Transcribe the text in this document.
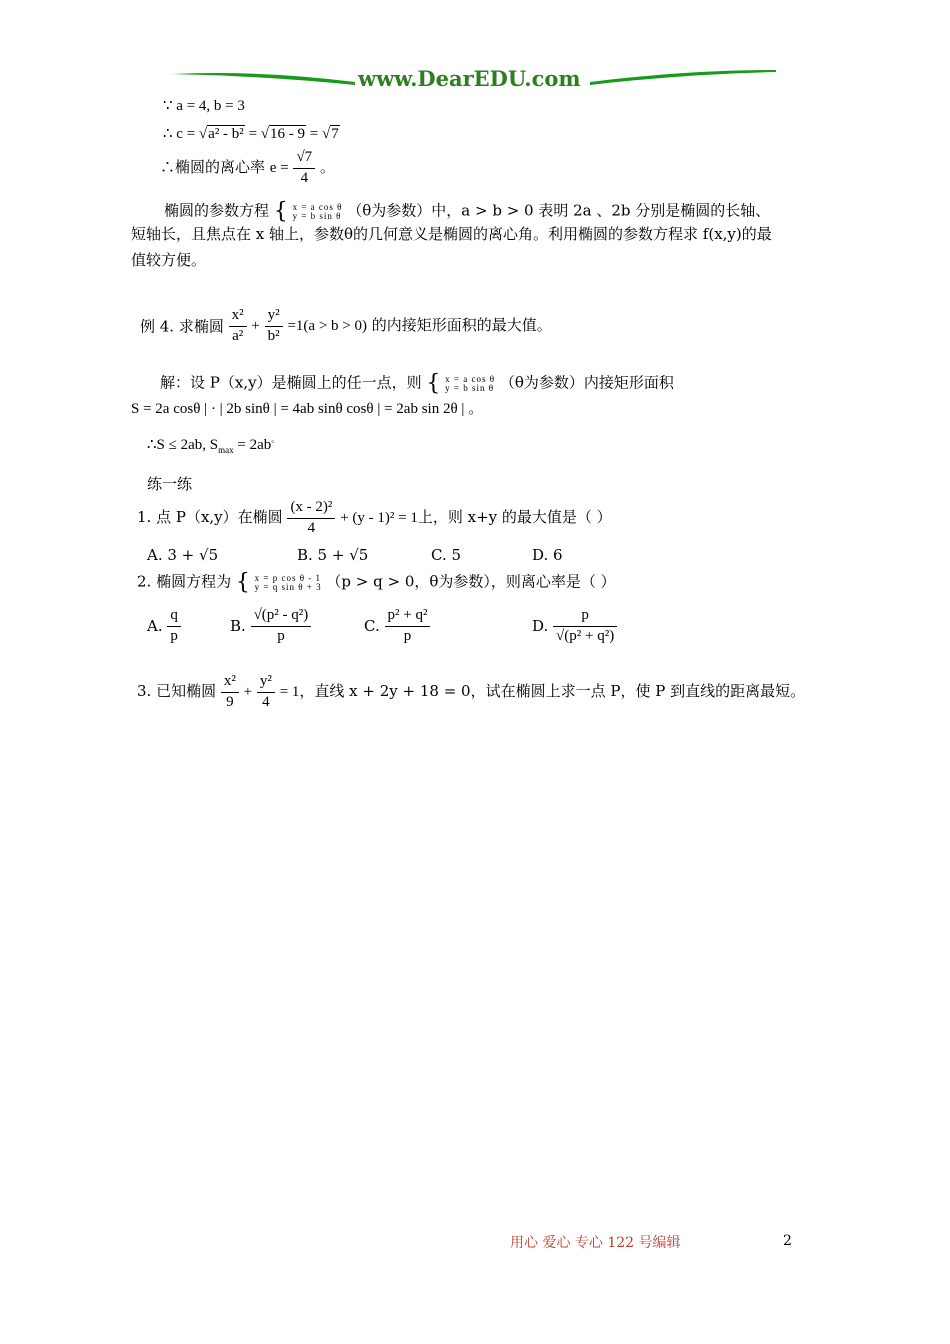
www.DearEDU.com
∵ a = 4, b = 3
∴ c = √a² - b² = √16 - 9 = √7
∴椭圆的离心率 $e = \frac{√7}{4}$ 。
椭圆的参数方程 { x = a cos θ
y = b sin θ （θ为参数）中，a > b > 0 表明 2a 、2b 分别是椭圆的长轴、
短轴长，且焦点在 x 轴上，参数θ的几何意义是椭圆的离心角。利用椭圆的参数方程求 f(x,y)的最
值较方便。
例 4. 求椭圆 $\frac{\text{x²}}{\text{a²}} + \frac{\text{y²}}{\text{b²}} =1(a > b > 0)$ 的内接矩形面积的最大值。
解：设 P（x,y）是椭圆上的任一点，则 { x = a cos θ
y = b sin θ （θ为参数）内接矩形面积
S = 2a cosθ | · | 2b sinθ | = 4ab sinθ cosθ | = 2ab sin 2θ | 。
∴S ≤ 2ab, $S_{max} = 2ab^。$
练一练
1. 点 P（x,y）在椭圆 $\frac{\text{(x - 2)²}}{4} + (y - 1)^2 = 1$上，则 x+y 的最大值是（ ）
A. 3 + √5	B. 5 + √5	C. 5	D. 6
2. 椭圆方程为 { x = p cos θ - 1
y = q sin θ + 3 （p > q > 0，θ为参数），则离心率是（ ）
A. $\frac{q}{p}$	B. $\frac{\text{√(p² - q²)}}{p}$	C. $\frac{\text{p² + q²}}{p}$	D. $\frac{p}{\text{√(p² + q²)}}$
3. 已知椭圆 $\frac{\text{x²}}{9} + \frac{\text{y²}}{4} = 1$，直线 x + 2y + 18 = 0，试在椭圆上求一点 P，使 P 到直线的距离最短。
用心 爱心 专心 122 号编辑	2
